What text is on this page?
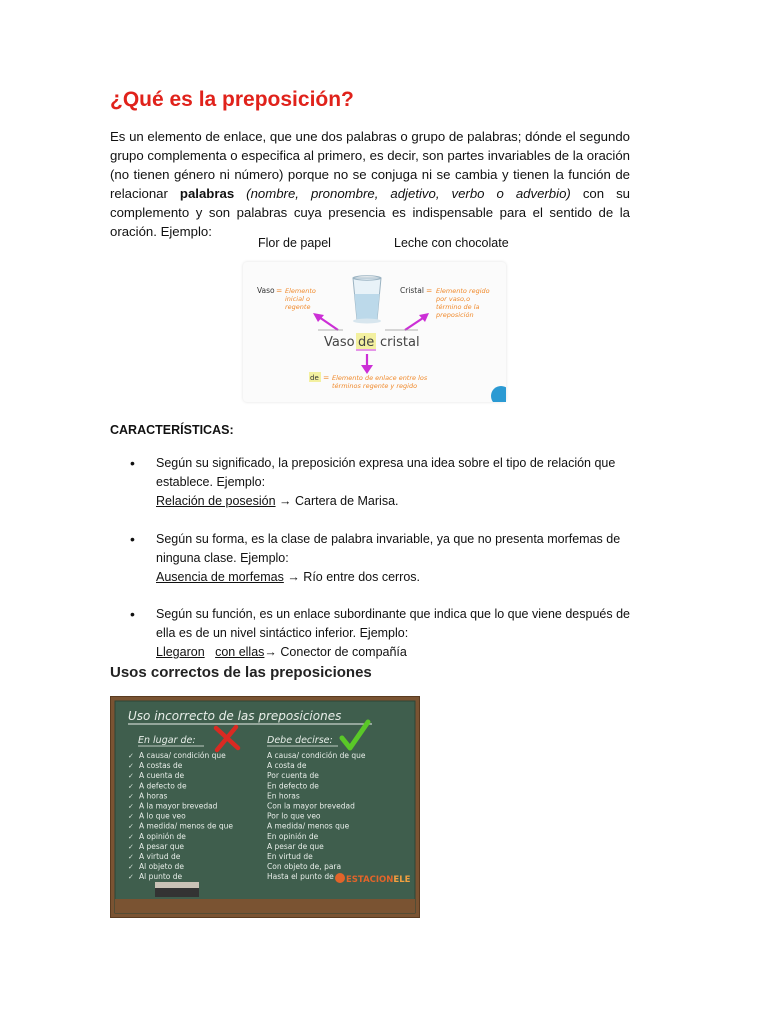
¿Qué es la preposición?
Es un elemento de enlace, que une dos palabras o grupo de palabras; dónde el segundo grupo complementa o especifica al primero, es decir, son partes invariables de la oración (no tienen género ni número) porque no se conjuga ni se cambia y tienen la función de relacionar palabras (nombre, pronombre, adjetivo, verbo o adverbio) con su complemento y son palabras cuya presencia es indispensable para el sentido de la oración. Ejemplo:
Flor de papel	Leche con chocolate
Vaso = Elemento
inicial o
regente
Cristal = Elemento regido
por vaso,o
término de la
preposición
Vaso de cristal
de = Elemento de enlace entre los
términos regente y regido
CARACTERÍSTICAS:
• Según su significado, la preposición expresa una idea sobre el tipo de relación que
establece. Ejemplo:
Relación de posesión → Cartera de Marisa.
• Según su forma, es la clase de palabra invariable, ya que no presenta morfemas de
ninguna clase. Ejemplo:
Ausencia de morfemas → Río entre dos cerros.
• Según su función, es un enlace subordinante que indica que lo que viene después de
ella es de un nivel sintáctico inferior. Ejemplo:
Llegaron con ellas→ Conector de compañía
Usos correctos de las preposiciones
Uso incorrecto de las preposiciones
En lugar de:	Debe decirse:
✓ A causa/ condición que	A causa/ condición de que
✓ A costas de	A costa de
✓ A cuenta de	Por cuenta de
✓ A defecto de	En defecto de
✓ A horas	En horas
✓ A la mayor brevedad	Con la mayor brevedad
✓ A lo que veo	Por lo que veo
✓ A medida/ menos de que	A medida/ menos que
✓ A opinión de	En opinión de
✓ A pesar que	A pesar de que
✓ A virtud de	En virtud de
✓ Al objeto de	Con objeto de, para
✓ Al punto de	Hasta el punto de ESTACIONELE
